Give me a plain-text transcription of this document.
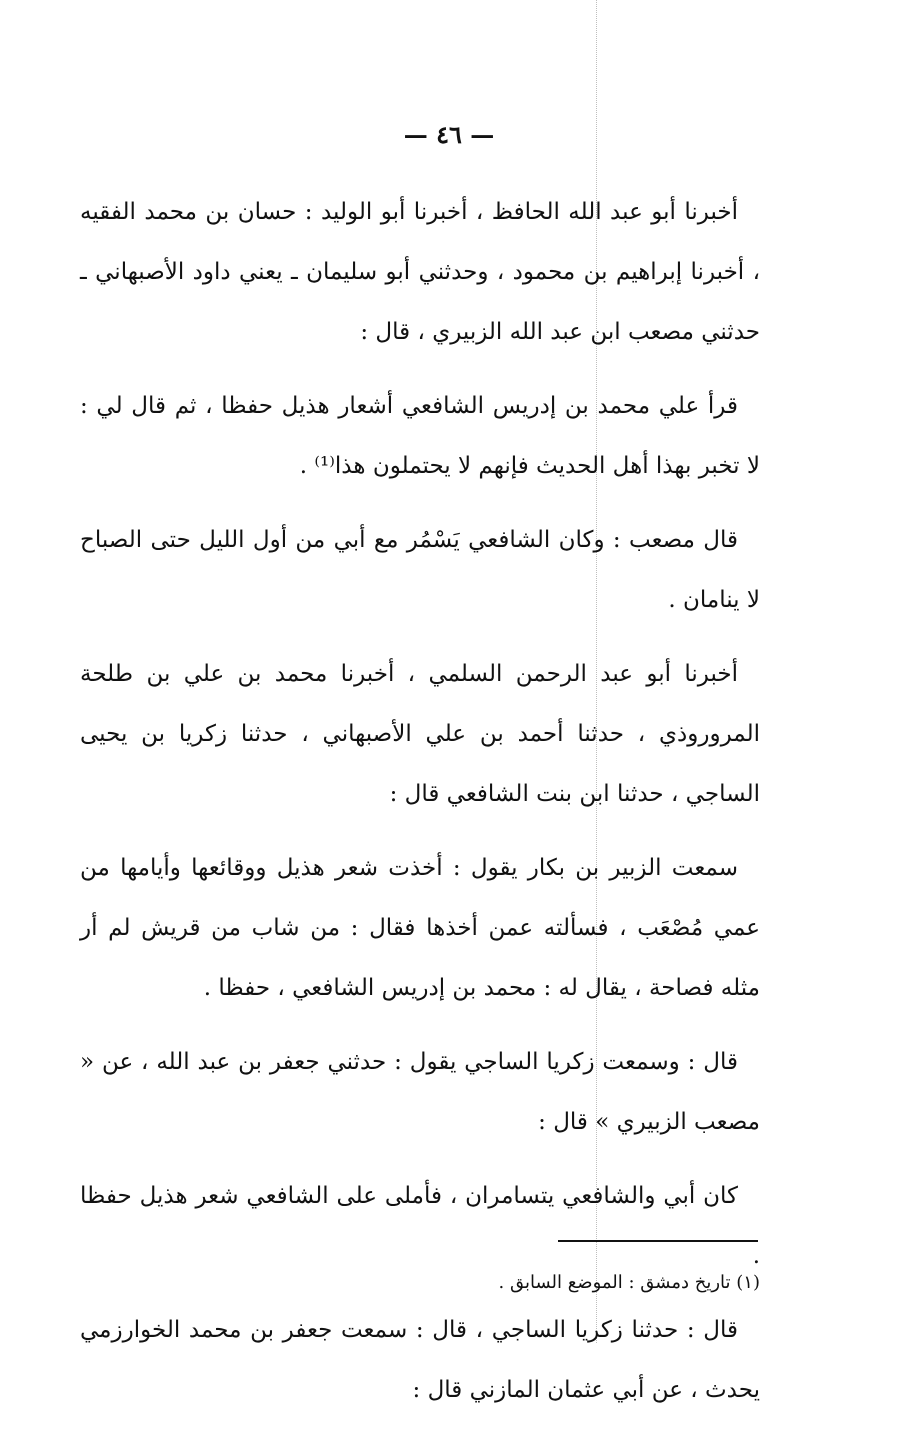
— ٤٦ —

أخبرنا أبو عبد الله الحافظ ، أخبرنا أبو الوليد : حسان بن محمد الفقيه ، أخبرنا إبراهيم بن محمود ، وحدثني أبو سليمان ـ يعني داود الأصبهاني ـ حدثني مصعب ابن عبد الله الزبيري ، قال :

قرأ علي محمد بن إدريس الشافعي أشعار هذيل حفظا ، ثم قال لي : لا تخبر بهذا أهل الحديث فإنهم لا يحتملون هذا⁽¹⁾ .

قال مصعب : وكان الشافعي يَسْمُر مع أبي من أول الليل حتى الصباح لا ينامان .

أخبرنا أبو عبد الرحمن السلمي ، أخبرنا محمد بن علي بن طلحة المروروذي ، حدثنا أحمد بن علي الأصبهاني ، حدثنا زكريا بن يحيى الساجي ، حدثنا ابن بنت الشافعي قال :

سمعت الزبير بن بكار يقول : أخذت شعر هذيل ووقائعها وأيامها من عمي مُصْعَب ، فسألته عمن أخذها فقال : من شاب من قريش لم أر مثله فصاحة ، يقال له : محمد بن إدريس الشافعي ، حفظا .

قال : وسمعت زكريا الساجي يقول : حدثني جعفر بن عبد الله ، عن « مصعب الزبيري » قال :

كان أبي والشافعي يتسامران ، فأملى على الشافعي شعر هذيل حفظا .

قال : حدثنا زكريا الساجي ، قال : سمعت جعفر بن محمد الخوارزمي يحدث ، عن أبي عثمان المازني قال :

(١) تاريخ دمشق : الموضع السابق .
